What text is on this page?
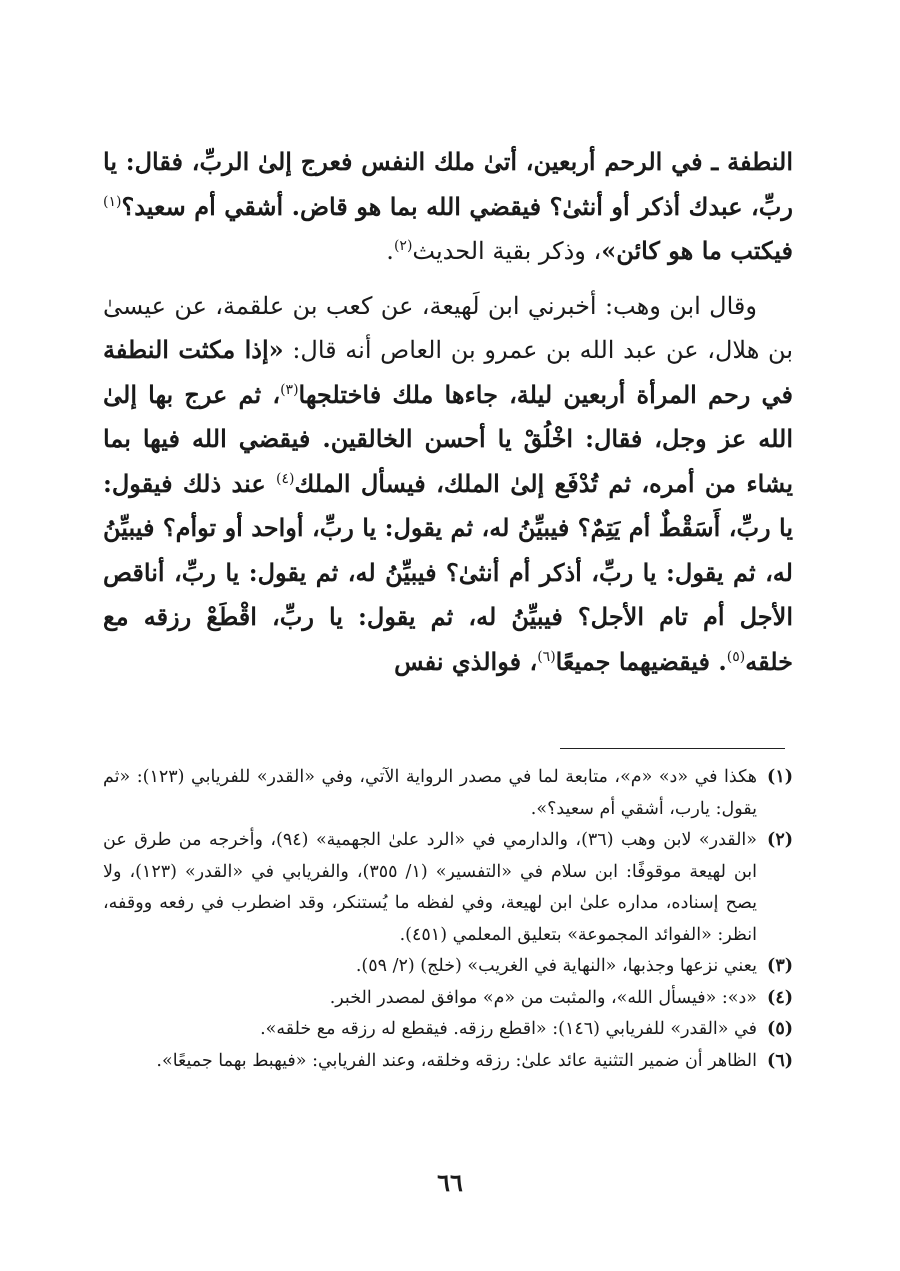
النطفة ـ في الرحم أربعين، أتىٰ ملك النفس فعرج إلىٰ الربِّ، فقال: يا ربِّ، عبدك أذكر أو أنثىٰ؟ فيقضي الله بما هو قاض. أشقي أم سعيد؟$^{(١)}$ فيكتب ما هو كائن»، وذكر بقية الحديث$^{(٢)}$.

وقال ابن وهب: أخبرني ابن لَهيعة، عن كعب بن علقمة، عن عيسىٰ بن هلال، عن عبد الله بن عمرو بن العاص أنه قال: «إذا مكثت النطفة في رحم المرأة أربعين ليلة، جاءها ملك فاختلجها$^{(٣)}$، ثم عرج بها إلىٰ الله عز وجل، فقال: اخْلُقْ يا أحسن الخالقين. فيقضي الله فيها بما يشاء من أمره، ثم تُدْفَع إلىٰ الملك، فيسأل الملك$^{(٤)}$ عند ذلك فيقول: يا ربِّ، أَسَقْطٌ أم يَتِمٌ؟ فيبيِّنُ له، ثم يقول: يا ربِّ، أواحد أو توأم؟ فيبيِّنُ له، ثم يقول: يا ربِّ، أذكر أم أنثىٰ؟ فيبيِّنُ له، ثم يقول: يا ربِّ، أناقص الأجل أم تام الأجل؟ فيبيِّنُ له، ثم يقول: يا ربِّ، اقْطَعْ رزقه مع خلقه$^{(٥)}$. فيقضيهما جميعًا$^{(٦)}$، فوالذي نفس

(١)
هكذا في «د» «م»، متابعة لما في مصدر الرواية الآتي، وفي «القدر» للفريابي (١٢٣): «ثم يقول: يارب، أشقي أم سعيد؟».
(٢)
«القدر» لابن وهب (٣٦)، والدارمي في «الرد علىٰ الجهمية» (٩٤)، وأخرجه من طرق عن ابن لهيعة موقوفًا: ابن سلام في «التفسير» (١/ ٣٥٥)، والفريابي في «القدر» (١٢٣)، ولا يصح إسناده، مداره علىٰ ابن لهيعة، وفي لفظه ما يُستنكر، وقد اضطرب في رفعه ووقفه، انظر: «الفوائد المجموعة» بتعليق المعلمي (٤٥١).
(٣)
يعني نزعها وجذبها، «النهاية في الغريب» (خلج) (٢/ ٥٩).
(٤)
«د»: «فيسأل الله»، والمثبت من «م» موافق لمصدر الخبر.
(٥)
في «القدر» للفريابي (١٤٦): «اقطع رزقه. فيقطع له رزقه مع خلقه».
(٦)
الظاهر أن ضمير التثنية عائد علىٰ: رزقه وخلقه، وعند الفريابي: «فيهبط بهما جميعًا».
٦٦
